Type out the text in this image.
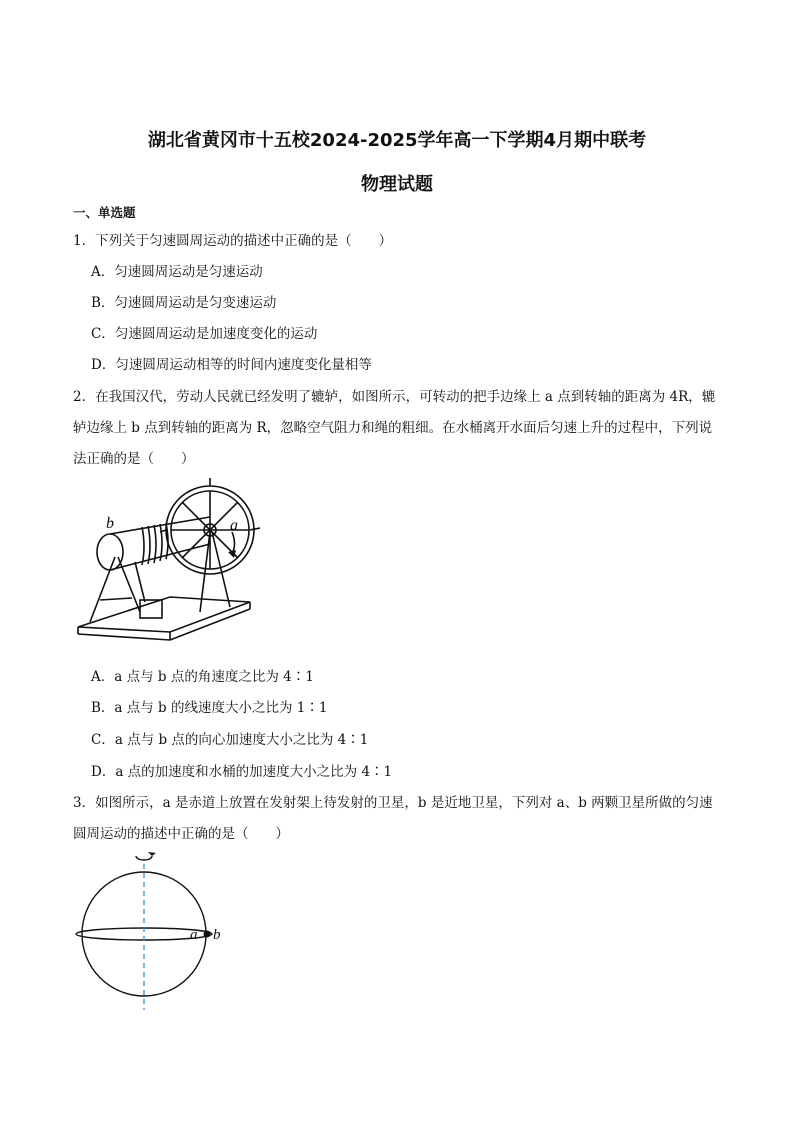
湖北省黄冈市十五校2024-2025学年高一下学期4月期中联考
物理试题
一、单选题
1．下列关于匀速圆周运动的描述中正确的是（　　）
A．匀速圆周运动是匀速运动
B．匀速圆周运动是匀变速运动
C．匀速圆周运动是加速度变化的运动
D．匀速圆周运动相等的时间内速度变化量相等
2．在我国汉代，劳动人民就已经发明了辘轳，如图所示，可转动的把手边缘上 a 点到转轴的距离为 4R，辘
轳边缘上 b 点到转轴的距离为 R，忽略空气阻力和绳的粗细。在水桶离开水面后匀速上升的过程中，下列说
法正确的是（　　）
b	a
A．a 点与 b 点的角速度之比为 4∶1
B．a 点与 b 的线速度大小之比为 1∶1
C．a 点与 b 点的向心加速度大小之比为 4∶1
D．a 点的加速度和水桶的加速度大小之比为 4∶1
3．如图所示，a 是赤道上放置在发射架上待发射的卫星，b 是近地卫星，下列对 a、b 两颗卫星所做的匀速
圆周运动的描述中正确的是（　　）
a b
